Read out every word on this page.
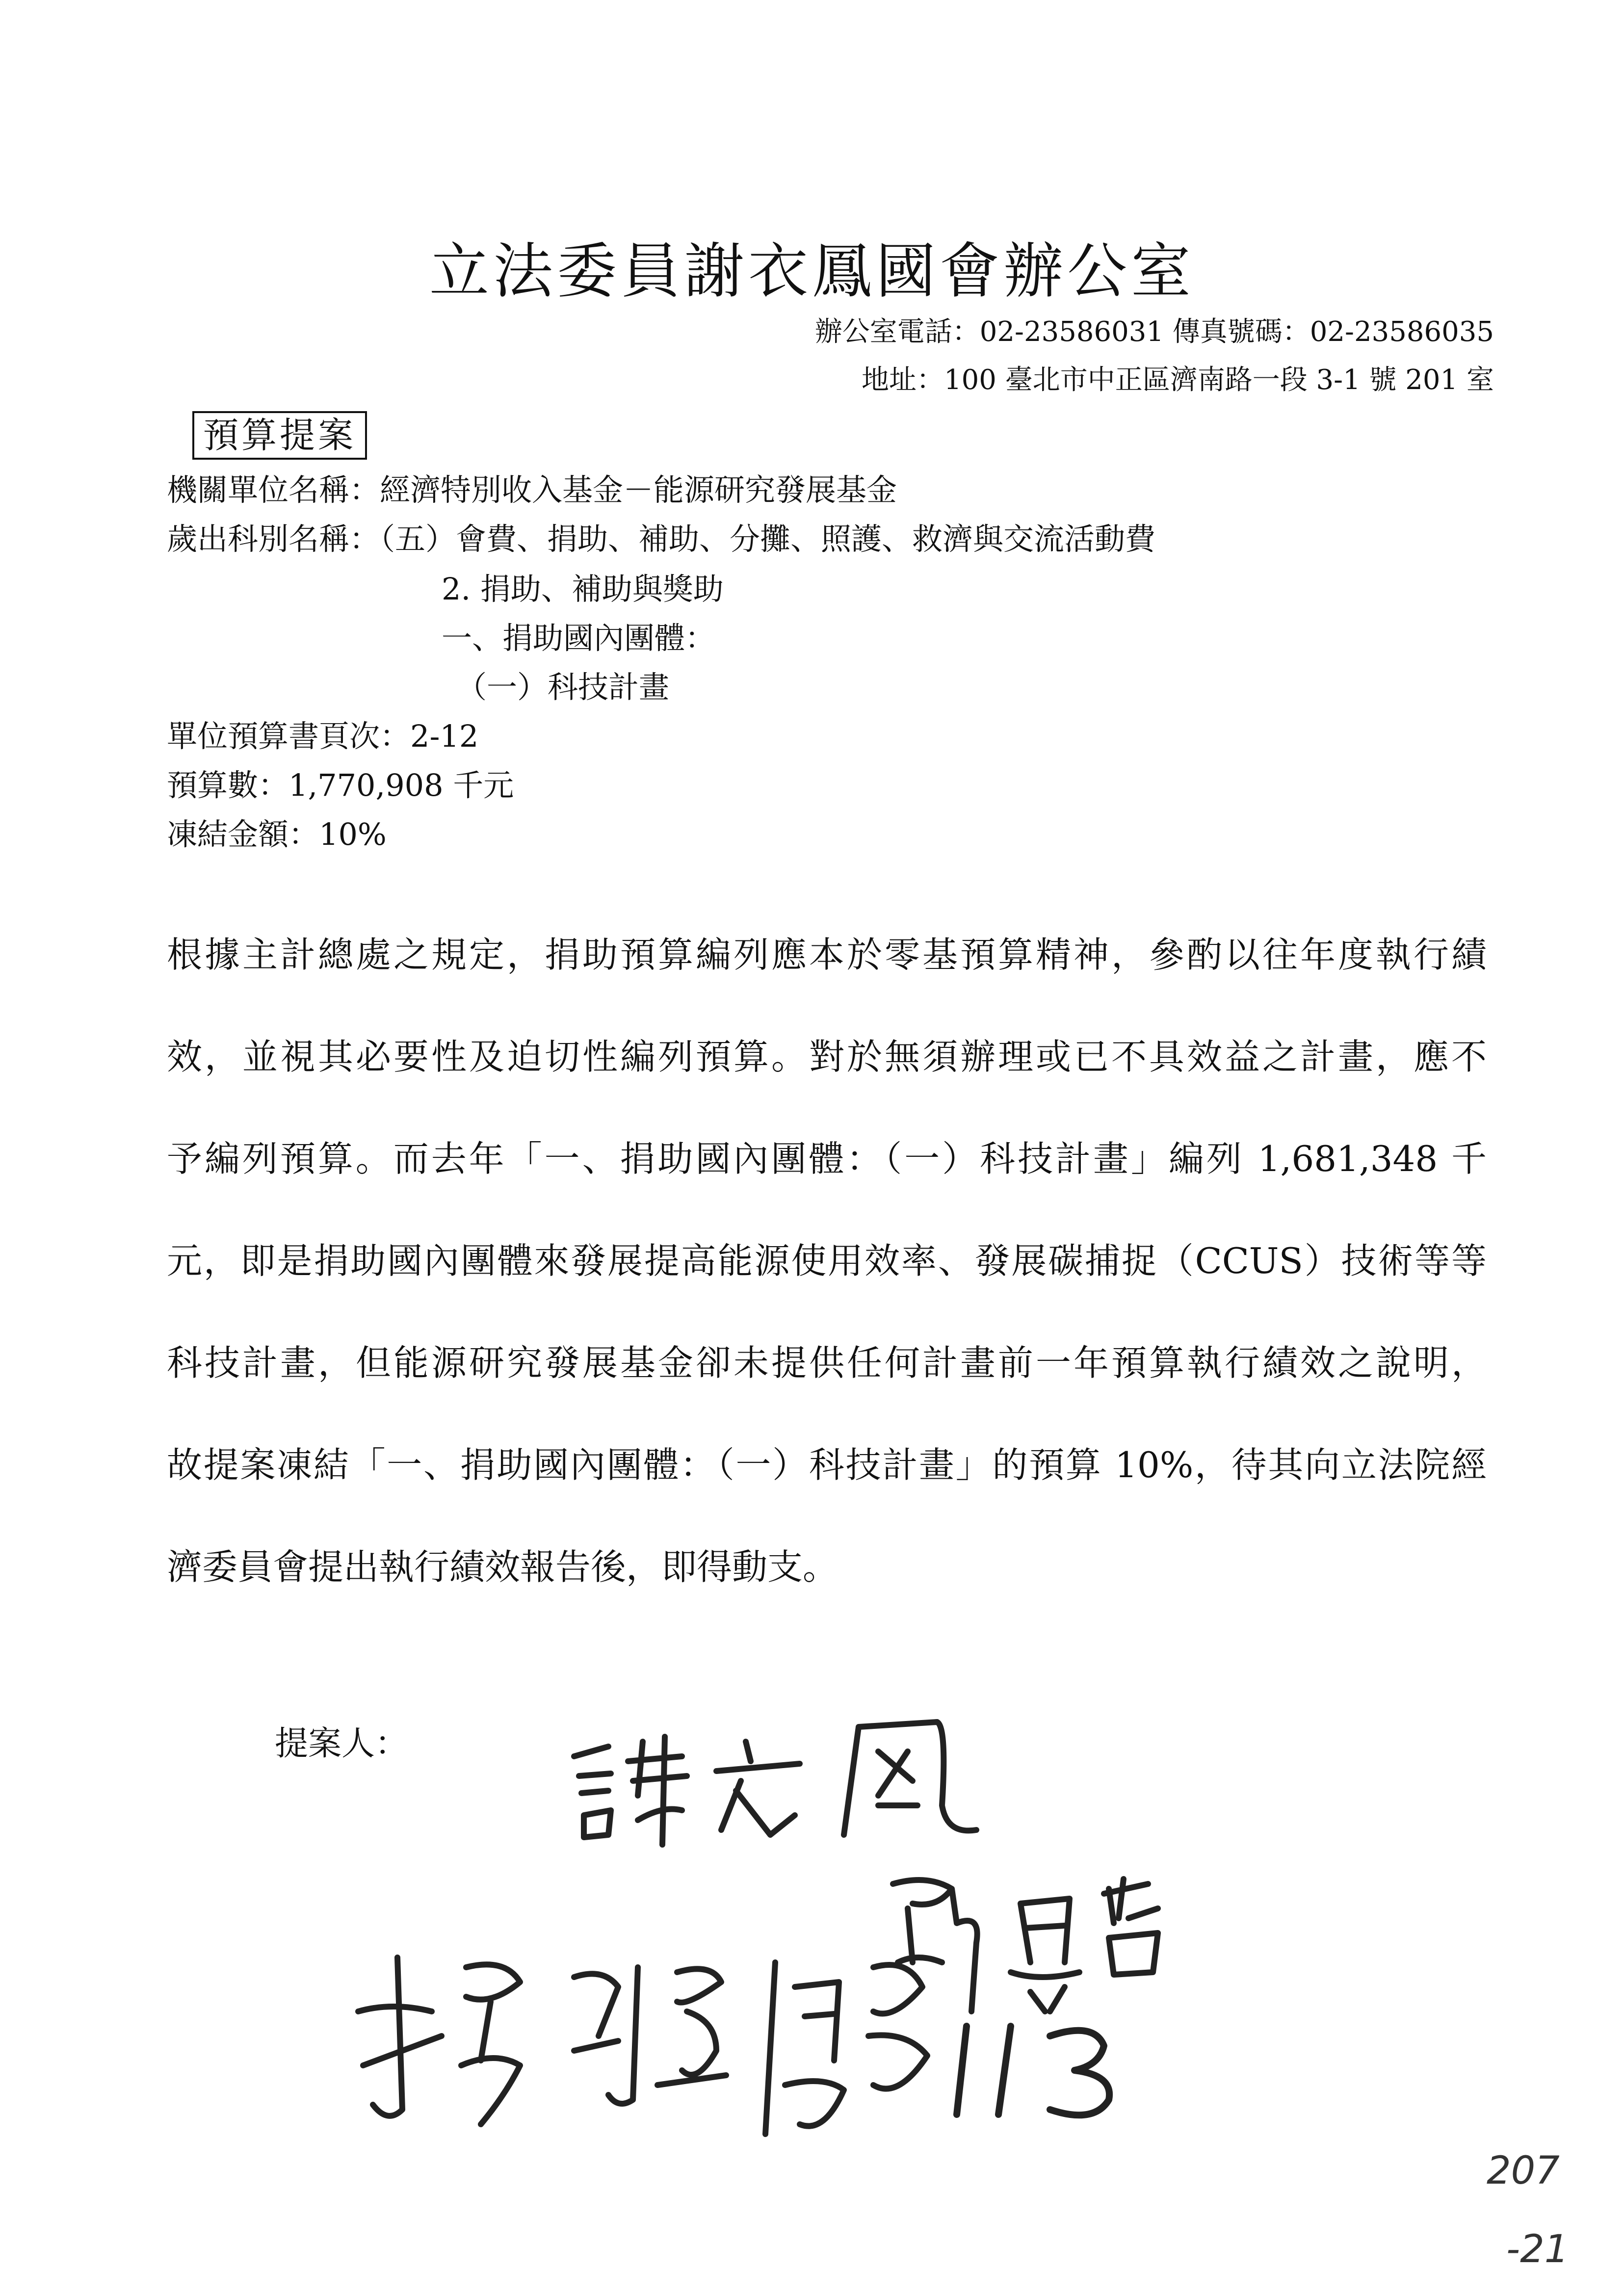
立法委員謝衣鳳國會辦公室
辦公室電話：02-23586031 傳真號碼：02-23586035
地址：100 臺北市中正區濟南路一段 3-1 號 201 室
預算提案
機關單位名稱：經濟特別收入基金－能源研究發展基金
歲出科別名稱：（五）會費、捐助、補助、分攤、照護、救濟與交流活動費
2. 捐助、補助與獎助
一、捐助國內團體：
（一）科技計畫
單位預算書頁次：2-12
預算數：1,770,908 千元
凍結金額：10%
根據主計總處之規定，捐助預算編列應本於零基預算精神，參酌以往年度執行績
效，並視其必要性及迫切性編列預算。對於無須辦理或已不具效益之計畫，應不
予編列預算。而去年「一、捐助國內團體：（一）科技計畫」編列 1,681,348 千
元，即是捐助國內團體來發展提高能源使用效率、發展碳捕捉（CCUS）技術等等
科技計畫，但能源研究發展基金卻未提供任何計畫前一年預算執行績效之說明，
故提案凍結「一、捐助國內團體：（一）科技計畫」的預算 10%，待其向立法院經
濟委員會提出執行績效報告後，即得動支。
提案人：
207
-21
